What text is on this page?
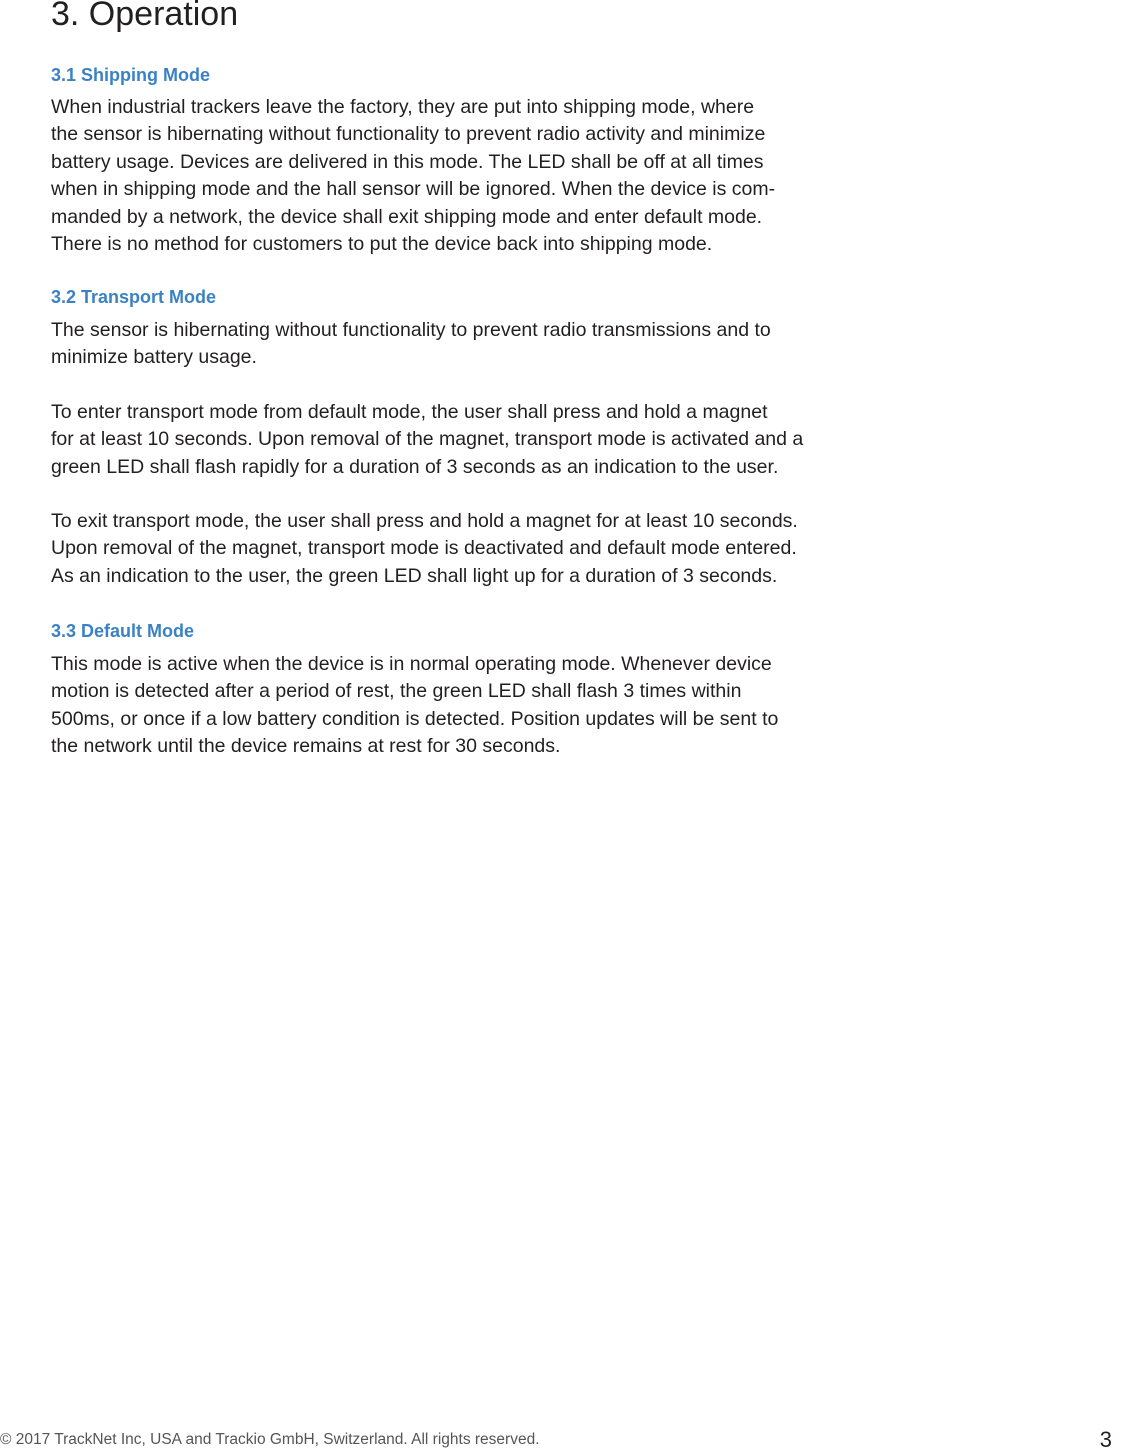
3. Operation
3.1 Shipping Mode

When industrial trackers leave the factory, they are put into shipping mode, where
the sensor is hibernating without functionality to prevent radio activity and minimize
battery usage. Devices are delivered in this mode. The LED shall be off at all times
when in shipping mode and the hall sensor will be ignored. When the device is com-
manded by a network, the device shall exit shipping mode and enter default mode.
There is no method for customers to put the device back into shipping mode.

3.2 Transport Mode

The sensor is hibernating without functionality to prevent radio transmissions and to
minimize battery usage.

To enter transport mode from default mode, the user shall press and hold a magnet
for at least 10 seconds. Upon removal of the magnet, transport mode is activated and a
green LED shall flash rapidly for a duration of 3 seconds as an indication to the user.

To exit transport mode, the user shall press and hold a magnet for at least 10 seconds.
Upon removal of the magnet, transport mode is deactivated and default mode entered.
As an indication to the user, the green LED shall light up for a duration of 3 seconds.

3.3 Default Mode

This mode is active when the device is in normal operating mode. Whenever device
motion is detected after a period of rest, the green LED shall flash 3 times within
500ms, or once if a low battery condition is detected. Position updates will be sent to
the network until the device remains at rest for 30 seconds.

© 2017 TrackNet Inc, USA and Trackio GmbH, Switzerland. All rights reserved.	3
